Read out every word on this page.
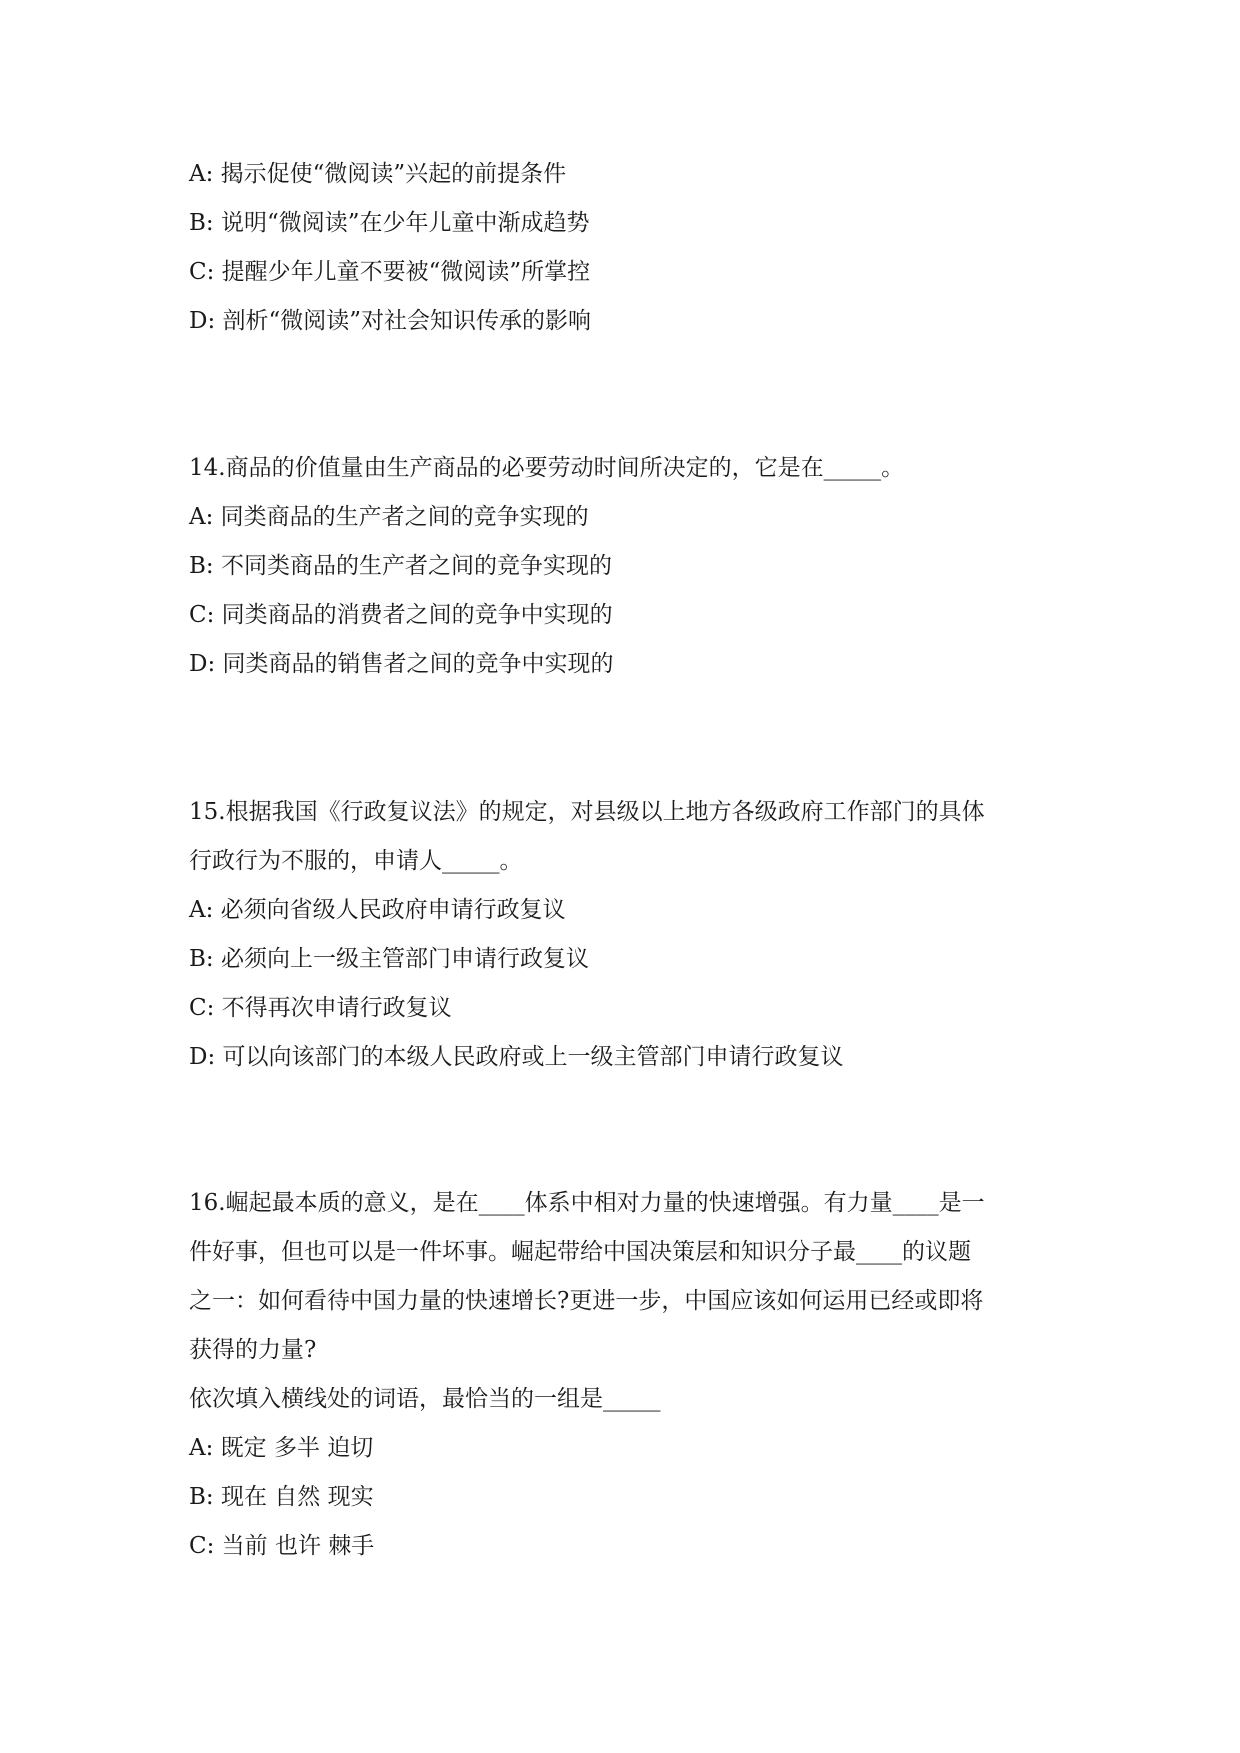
A: 揭示促使“微阅读”兴起的前提条件
B: 说明“微阅读”在少年儿童中渐成趋势
C: 提醒少年儿童不要被“微阅读”所掌控
D: 剖析“微阅读”对社会知识传承的影响
14.商品的价值量由生产商品的必要劳动时间所决定的，它是在_____。
A: 同类商品的生产者之间的竞争实现的
B: 不同类商品的生产者之间的竞争实现的
C: 同类商品的消费者之间的竞争中实现的
D: 同类商品的销售者之间的竞争中实现的
15.根据我国《行政复议法》的规定，对县级以上地方各级政府工作部门的具体
行政行为不服的，申请人_____。
A: 必须向省级人民政府申请行政复议
B: 必须向上一级主管部门申请行政复议
C: 不得再次申请行政复议
D: 可以向该部门的本级人民政府或上一级主管部门申请行政复议
16.崛起最本质的意义，是在____体系中相对力量的快速增强。有力量____是一
件好事，但也可以是一件坏事。崛起带给中国决策层和知识分子最____的议题
之一：如何看待中国力量的快速增长?更进一步，中国应该如何运用已经或即将
获得的力量?
依次填入横线处的词语，最恰当的一组是_____
A: 既定 多半 迫切
B: 现在 自然 现实
C: 当前 也许 棘手
